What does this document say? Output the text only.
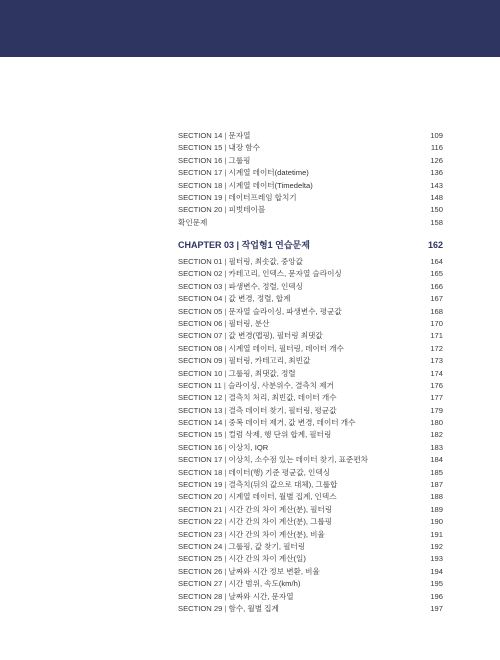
SECTION 14 | 문자열	109
SECTION 15 | 내장 함수	116
SECTION 16 | 그룹핑	126
SECTION 17 | 시계열 데이터(datetime)	136
SECTION 18 | 시계열 데이터(Timedelta)	143
SECTION 19 | 데이터프레임 합치기	148
SECTION 20 | 피벗테이블	150
확인문제	158
CHAPTER 03 | 작업형1 연습문제	162
SECTION 01 | 필터링, 최솟값, 중앙값	164
SECTION 02 | 카테고리, 인덱스, 문자열 슬라이싱	165
SECTION 03 | 파생변수, 정렬, 인덱싱	166
SECTION 04 | 값 변경, 정렬, 합계	167
SECTION 05 | 문자열 슬라이싱, 파생변수, 평균값	168
SECTION 06 | 필터링, 분산	170
SECTION 07 | 값 변경(맵핑), 필터링 최댓값	171
SECTION 08 | 시계열 데이터, 필터링, 데이터 개수	172
SECTION 09 | 필터링, 카테고리, 최빈값	173
SECTION 10 | 그룹핑, 최댓값, 정렬	174
SECTION 11 | 슬라이싱, 사분위수, 결측치 제거	176
SECTION 12 | 결측치 처리, 최빈값, 데이터 개수	177
SECTION 13 | 결측 데이터 찾기, 필터링, 평균값	179
SECTION 14 | 중복 데이터 제거, 값 변경, 데이터 개수	180
SECTION 15 | 컬럼 삭제, 행 단위 합계, 필터링	182
SECTION 16 | 이상치, IQR	183
SECTION 17 | 이상치, 소수점 있는 데이터 찾기, 표준편차	184
SECTION 18 | 데이터(행) 기준 평균값, 인덱싱	185
SECTION 19 | 결측치(뒤의 값으로 대체), 그룹합	187
SECTION 20 | 시계열 데이터, 월별 집계, 인덱스	188
SECTION 21 | 시간 간의 차이 계산(분), 필터링	189
SECTION 22 | 시간 간의 차이 계산(분), 그룹핑	190
SECTION 23 | 시간 간의 차이 계산(분), 비율	191
SECTION 24 | 그룹핑, 값 찾기, 필터링	192
SECTION 25 | 시간 간의 차이 계산(일)	193
SECTION 26 | 날짜와 시간 정보 변환, 비율	194
SECTION 27 | 시간 범위, 속도(km/h)	195
SECTION 28 | 날짜와 시간, 문자열	196
SECTION 29 | 함수, 월별 집계	197
